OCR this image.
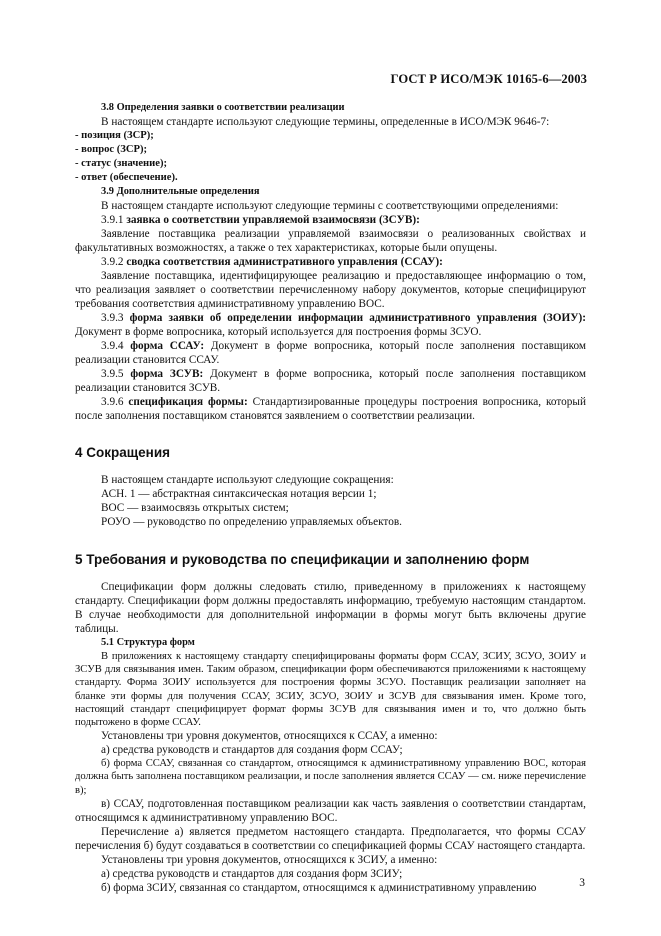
ГОСТ Р ИСО/МЭК 10165-6—2003

3.8 Определения заявки о соответствии реализации

В настоящем стандарте используют следующие термины, определенные в ИСО/МЭК 9646-7:

- позиция (ЗСР);

- вопрос (ЗСР);

- статус (значение);

- ответ (обеспечение).

3.9 Дополнительные определения

В настоящем стандарте используют следующие термины с соответствующими определениями:

3.9.1 заявка о соответствии управляемой взаимосвязи (ЗСУВ):

Заявление поставщика реализации управляемой взаимосвязи о реализованных свойствах и факультативных возможностях, а также о тех характеристиках, которые были опущены.

3.9.2 сводка соответствия административного управления (ССАУ):

Заявление поставщика, идентифицирующее реализацию и предоставляющее информацию о том, что реализация заявляет о соответствии перечисленному набору документов, которые специфицируют требования соответствия административному управлению ВОС.

3.9.3 форма заявки об определении информации административного управления (ЗОИУ): Документ в форме вопросника, который используется для построения формы ЗСУО.

3.9.4 форма ССАУ: Документ в форме вопросника, который после заполнения поставщиком реализации становится ССАУ.

3.9.5 форма ЗСУВ: Документ в форме вопросника, который после заполнения поставщиком реализации становится ЗСУВ.

3.9.6 спецификация формы: Стандартизированные процедуры построения вопросника, который после заполнения поставщиком становятся заявлением о соответствии реализации.

4 Сокращения

В настоящем стандарте используют следующие сокращения:

АСН. 1 — абстрактная синтаксическая нотация версии 1;

ВОС — взаимосвязь открытых систем;

РОУО — руководство по определению управляемых объектов.

5 Требования и руководства по спецификации и заполнению форм

Спецификации форм должны следовать стилю, приведенному в приложениях к настоящему стандарту. Спецификации форм должны предоставлять информацию, требуемую настоящим стандартом. В случае необходимости для дополнительной информации в формы могут быть включены другие таблицы.

5.1 Структура форм

В приложениях к настоящему стандарту специфицированы форматы форм ССАУ, ЗСИУ, ЗСУО, ЗОИУ и ЗСУВ для связывания имен. Таким образом, спецификации форм обеспечиваются приложениями к настоящему стандарту. Форма ЗОИУ используется для построения формы ЗСУО. Поставщик реализации заполняет на бланке эти формы для получения ССАУ, ЗСИУ, ЗСУО, ЗОИУ и ЗСУВ для связывания имен. Кроме того, настоящий стандарт специфицирует формат формы ЗСУВ для связывания имен и то, что должно быть подытожено в форме ССАУ.

Установлены три уровня документов, относящихся к ССАУ, а именно:

а) средства руководств и стандартов для создания форм ССАУ;

б) форма ССАУ, связанная со стандартом, относящимся к административному управлению ВОС, которая должна быть заполнена поставщиком реализации, и после заполнения является ССАУ — см. ниже перечисление в);

в) ССАУ, подготовленная поставщиком реализации как часть заявления о соответствии стандартам, относящимся к административному управлению ВОС.

Перечисление а) является предметом настоящего стандарта. Предполагается, что формы ССАУ перечисления б) будут создаваться в соответствии со спецификацией формы ССАУ настоящего стандарта.

Установлены три уровня документов, относящихся к ЗСИУ, а именно:

а) средства руководств и стандартов для создания форм ЗСИУ;

б) форма ЗСИУ, связанная со стандартом, относящимся к административному управлению	3
